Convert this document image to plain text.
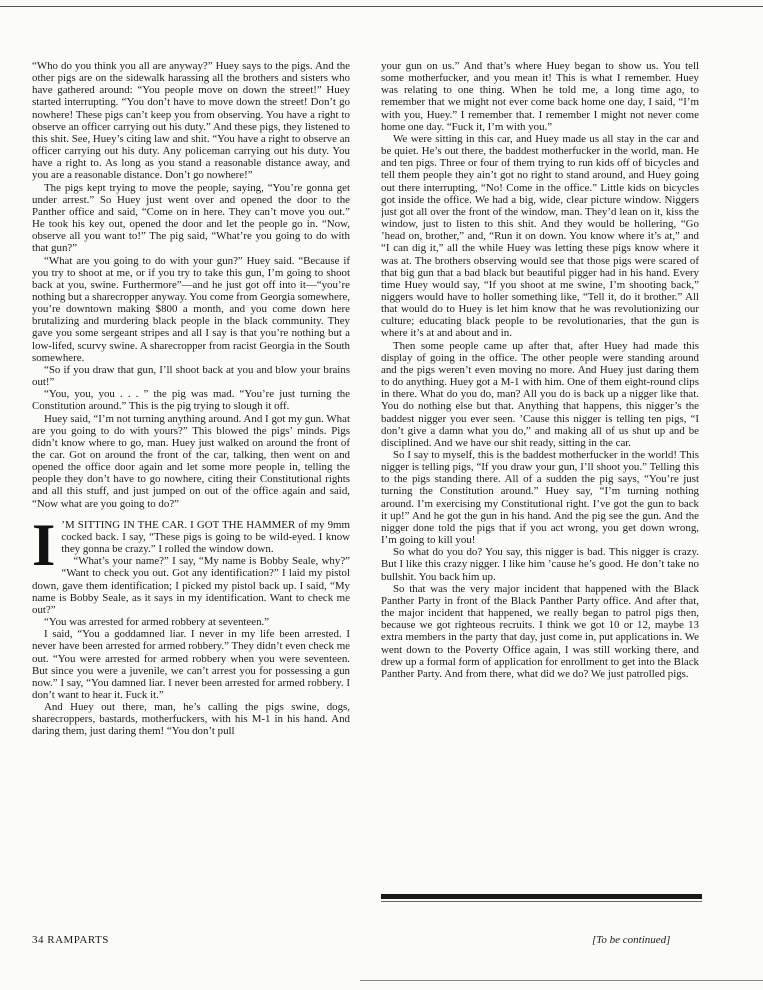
“Who do you think you all are anyway?” Huey says to the pigs. And the other pigs are on the sidewalk harassing all the brothers and sisters who have gathered around: “You people move on down the street!” Huey started interrupting. “You don’t have to move down the street! Don’t go nowhere! These pigs can’t keep you from observing. You have a right to observe an officer carrying out his duty.” And these pigs, they listened to this shit. See, Huey’s citing law and shit. “You have a right to observe an officer carrying out his duty. Any policeman carrying out his duty. You have a right to. As long as you stand a reasonable distance away, and you are a reasonable distance. Don’t go nowhere!”

The pigs kept trying to move the people, saying, “You’re gonna get under arrest.” So Huey just went over and opened the door to the Panther office and said, “Come on in here. They can’t move you out.” He took his key out, opened the door and let the people go in. “Now, observe all you want to!” The pig said, “What’re you going to do with that gun?”

“What are you going to do with your gun?” Huey said. “Because if you try to shoot at me, or if you try to take this gun, I’m going to shoot back at you, swine. Furthermore”—and he just got off into it—“you’re nothing but a sharecropper anyway. You come from Georgia somewhere, you’re downtown making $800 a month, and you come down here brutalizing and murdering black people in the black community. They gave you some sergeant stripes and all I say is that you’re nothing but a low-lifed, scurvy swine. A sharecropper from racist Georgia in the South somewhere.

“So if you draw that gun, I’ll shoot back at you and blow your brains out!”

“You, you, you . . . ” the pig was mad. “You’re just turning the Constitution around.” This is the pig trying to slough it off.

Huey said, “I’m not turning anything around. And I got my gun. What are you going to do with yours?” This blowed the pigs’ minds. Pigs didn’t know where to go, man. Huey just walked on around the front of the car. Got on around the front of the car, talking, then went on and opened the office door again and let some more people in, telling the people they don’t have to go nowhere, citing their Constitutional rights and all this stuff, and just jumped on out of the office again and said, “Now what are you going to do?”

I ’M SITTING IN THE CAR. I GOT THE HAMMER of my 9mm cocked back. I say, “These pigs is going to be wild-eyed. I know they gonna be crazy.” I rolled the window down.

“What’s your name?” I say, “My name is Bobby Seale, why?” “Want to check you out. Got any identification?” I laid my pistol down, gave them identification; I picked my pistol back up. I said, “My name is Bobby Seale, as it says in my identification. Want to check me out?”

“You was arrested for armed robbery at seventeen.”

I said, “You a goddamned liar. I never in my life been arrested. I never have been arrested for armed robbery.” They didn’t even check me out. “You were arrested for armed robbery when you were seventeen. But since you were a juvenile, we can’t arrest you for possessing a gun now.” I say, “You damned liar. I never been arrested for armed robbery. I don’t want to hear it. Fuck it.”

And Huey out there, man, he’s calling the pigs swine, dogs, sharecroppers, bastards, motherfuckers, with his M-1 in his hand. And daring them, just daring them! “You don’t pull

your gun on us.” And that’s where Huey began to show us. You tell some motherfucker, and you mean it! This is what I remember. Huey was relating to one thing. When he told me, a long time ago, to remember that we might not ever come back home one day, I said, “I’m with you, Huey.” I remember that. I remember I might not never come home one day. “Fuck it, I’m with you.”

We were sitting in this car, and Huey made us all stay in the car and be quiet. He’s out there, the baddest motherfucker in the world, man. He and ten pigs. Three or four of them trying to run kids off of bicycles and tell them people they ain’t got no right to stand around, and Huey going out there interrupting, “No! Come in the office.” Little kids on bicycles got inside the office. We had a big, wide, clear picture window. Niggers just got all over the front of the window, man. They’d lean on it, kiss the window, just to listen to this shit. And they would be hollering, “Go ’head on, brother,” and, “Run it on down. You know where it’s at,” and “I can dig it,” all the while Huey was letting these pigs know where it was at. The brothers observing would see that those pigs were scared of that big gun that a bad black but beautiful pigger had in his hand. Every time Huey would say, “If you shoot at me swine, I’m shooting back,” niggers would have to holler something like, “Tell it, do it brother.” All that would do to Huey is let him know that he was revolutionizing our culture; educating black people to be revolutionaries, that the gun is where it’s at and about and in.

Then some people came up after that, after Huey had made this display of going in the office. The other people were standing around and the pigs weren’t even moving no more. And Huey just daring them to do anything. Huey got a M-1 with him. One of them eight-round clips in there. What do you do, man? All you do is back up a nigger like that. You do nothing else but that. Anything that happens, this nigger’s the baddest nigger you ever seen. ’Cause this nigger is telling ten pigs, “I don’t give a damn what you do,” and making all of us shut up and be disciplined. And we have our shit ready, sitting in the car.

So I say to myself, this is the baddest motherfucker in the world! This nigger is telling pigs, “If you draw your gun, I’ll shoot you.” Telling this to the pigs standing there. All of a sudden the pig says, “You’re just turning the Constitution around.” Huey say, “I’m turning nothing around. I’m exercising my Constitutional right. I’ve got the gun to back it up!” And he got the gun in his hand. And the pig see the gun. And the nigger done told the pigs that if you act wrong, you get down wrong, I’m going to kill you!

So what do you do? You say, this nigger is bad. This nigger is crazy. But I like this crazy nigger. I like him ’cause he’s good. He don’t take no bullshit. You back him up.

So that was the very major incident that happened with the Black Panther Party in front of the Black Panther Party office. And after that, the major incident that happened, we really began to patrol pigs then, because we got righteous recruits. I think we got 10 or 12, maybe 13 extra members in the party that day, just come in, put applications in. We went down to the Poverty Office again, I was still working there, and drew up a formal form of application for enrollment to get into the Black Panther Party. And from there, what did we do? We just patrolled pigs.

34 RAMPARTS	[To be continued]
